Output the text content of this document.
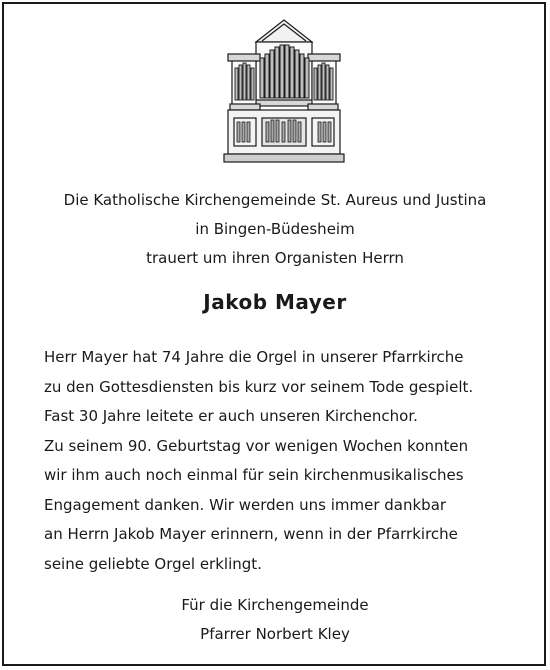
Die Katholische Kirchengemeinde St. Aureus und Justina
in Bingen-Büdesheim
trauert um ihren Organisten Herrn
Jakob Mayer
Herr Mayer hat 74 Jahre die Orgel in unserer Pfarrkirche
zu den Gottesdiensten bis kurz vor seinem Tode gespielt.
Fast 30 Jahre leitete er auch unseren Kirchenchor.
Zu seinem 90. Geburtstag vor wenigen Wochen konnten
wir ihm auch noch einmal für sein kirchenmusikalisches
Engagement danken. Wir werden uns immer dankbar
an Herrn Jakob Mayer erinnern, wenn in der Pfarrkirche
seine geliebte Orgel erklingt.
Für die Kirchengemeinde
Pfarrer Norbert Kley
